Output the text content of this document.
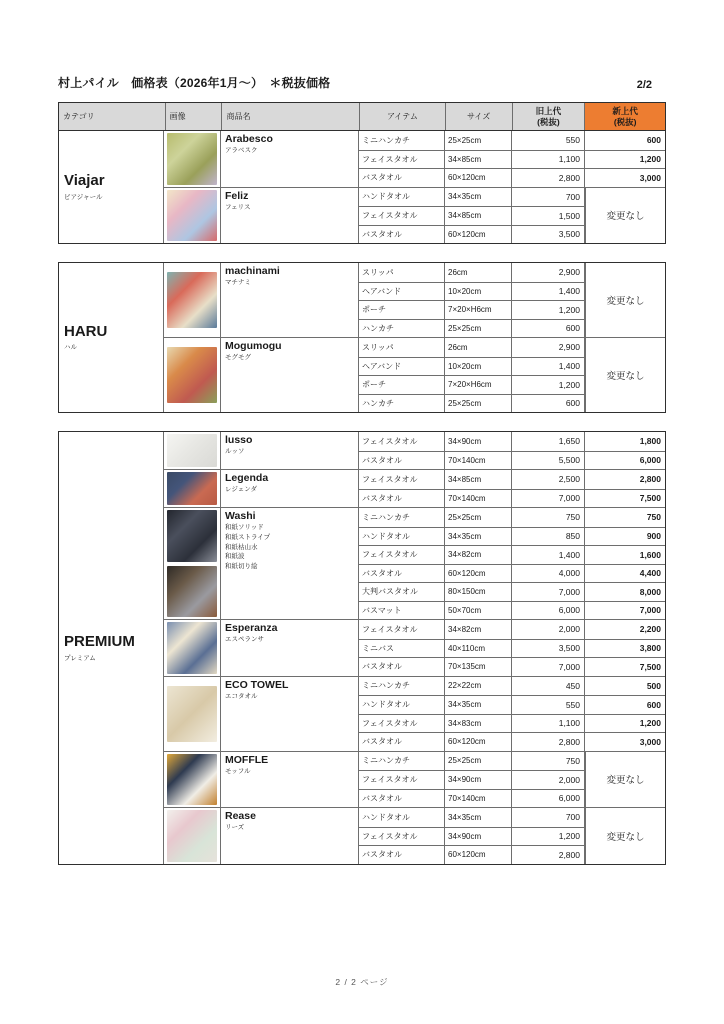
村上パイル　価格表（2026年1月～）　＊税抜価格	2/2
カテゴリ	画像	商品名	アイテム	サイズ	旧上代
(税抜)
新上代
(税抜)
Viajar
ビアジャール
Arabesco
アラベスク
ミニハンカチ	25×25cm	550	600
フェイスタオル	34×85cm	1,100	1,200
バスタオル	60×120cm	2,800	3,000
Feliz
フェリス
ハンドタオル	34×35cm	700
フェイスタオル	34×85cm	1,500
バスタオル	60×120cm	3,500
変更なし
HARU
ハル
machinami
マチナミ
スリッパ	26cm	2,900
ヘアバンド	10×20cm	1,400
ポーチ	7×20×H6cm	1,200
ハンカチ	25×25cm	600
変更なし
Mogumogu
モグモグ
スリッパ	26cm	2,900
ヘアバンド	10×20cm	1,400
ポーチ	7×20×H6cm	1,200
ハンカチ	25×25cm	600
変更なし
PREMIUM
プレミアム
lusso
ルッソ
フェイスタオル	34×90cm	1,650	1,800
バスタオル	70×140cm	5,500	6,000
Legenda
レジェンダ
フェイスタオル	34×85cm	2,500	2,800
バスタオル	70×140cm	7,000	7,500
Washi
和紙ソリッド
和紙ストライプ
和紙枯山水
和紙波
和紙切り絵
ミニハンカチ	25×25cm	750	750
ハンドタオル	34×35cm	850	900
フェイスタオル	34×82cm	1,400	1,600
バスタオル	60×120cm	4,000	4,400
大判バスタオル	80×150cm	7,000	8,000
バスマット	50×70cm	6,000	7,000
Esperanza
エスペランサ
フェイスタオル	34×82cm	2,000	2,200
ミニバス	40×110cm	3,500	3,800
バスタオル	70×135cm	7,000	7,500
ECO TOWEL
エコタオル
ミニハンカチ	22×22cm	450	500
ハンドタオル	34×35cm	550	600
フェイスタオル	34×83cm	1,100	1,200
バスタオル	60×120cm	2,800	3,000
MOFFLE
モッフル
ミニハンカチ	25×25cm	750
フェイスタオル	34×90cm	2,000
バスタオル	70×140cm	6,000
変更なし
Rease
リーズ
ハンドタオル	34×35cm	700
フェイスタオル	34×90cm	1,200
バスタオル	60×120cm	2,800
変更なし
2 / 2 ページ
